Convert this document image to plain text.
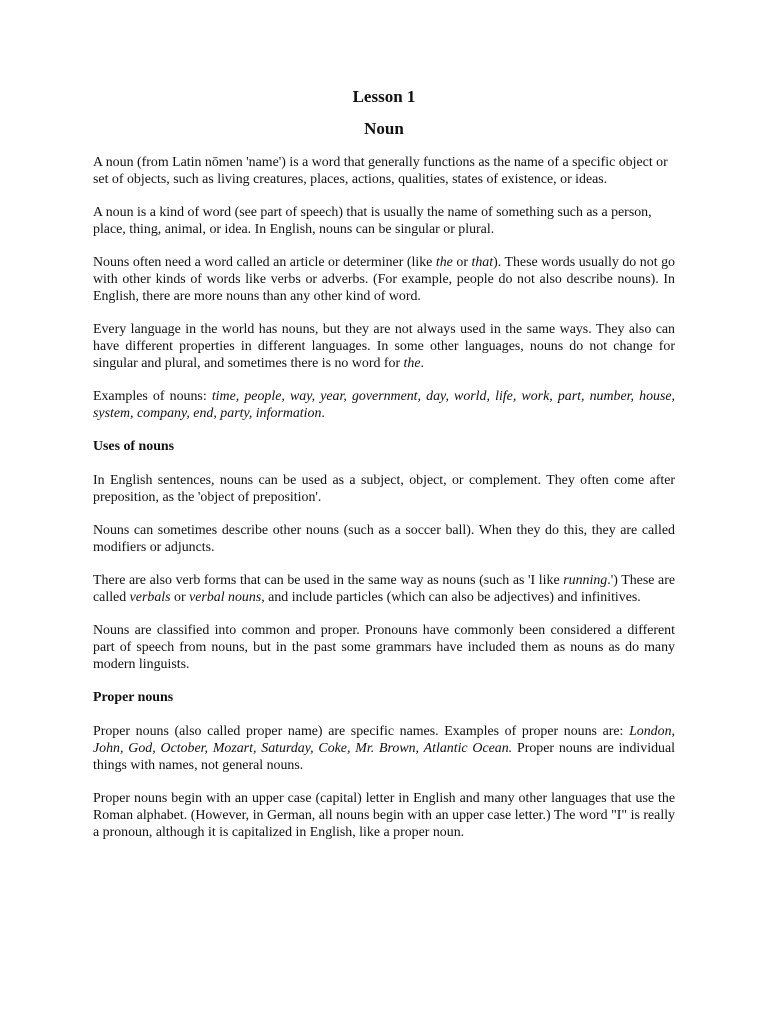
Lesson 1
Noun

A noun (from Latin nōmen 'name') is a word that generally functions as the name of a specific object or set of objects, such as living creatures, places, actions, qualities, states of existence, or ideas.

A noun is a kind of word (see part of speech) that is usually the name of something such as a person, place, thing, animal, or idea. In English, nouns can be singular or plural.

Nouns often need a word called an article or determiner (like the or that). These words usually do not go with other kinds of words like verbs or adverbs. (For example, people do not also describe nouns). In English, there are more nouns than any other kind of word.

Every language in the world has nouns, but they are not always used in the same ways. They also can have different properties in different languages. In some other languages, nouns do not change for singular and plural, and sometimes there is no word for the.

Examples of nouns: time, people, way, year, government, day, world, life, work, part, number, house, system, company, end, party, information.

Uses of nouns

In English sentences, nouns can be used as a subject, object, or complement. They often come after preposition, as the 'object of preposition'.

Nouns can sometimes describe other nouns (such as a soccer ball). When they do this, they are called modifiers or adjuncts.

There are also verb forms that can be used in the same way as nouns (such as 'I like running.') These are called verbals or verbal nouns, and include particles (which can also be adjectives) and infinitives.

Nouns are classified into common and proper. Pronouns have commonly been considered a different part of speech from nouns, but in the past some grammars have included them as nouns as do many modern linguists.

Proper nouns

Proper nouns (also called proper name) are specific names. Examples of proper nouns are: London, John, God, October, Mozart, Saturday, Coke, Mr. Brown, Atlantic Ocean. Proper nouns are individual things with names, not general nouns.

Proper nouns begin with an upper case (capital) letter in English and many other languages that use the Roman alphabet. (However, in German, all nouns begin with an upper case letter.) The word "I" is really a pronoun, although it is capitalized in English, like a proper noun.
